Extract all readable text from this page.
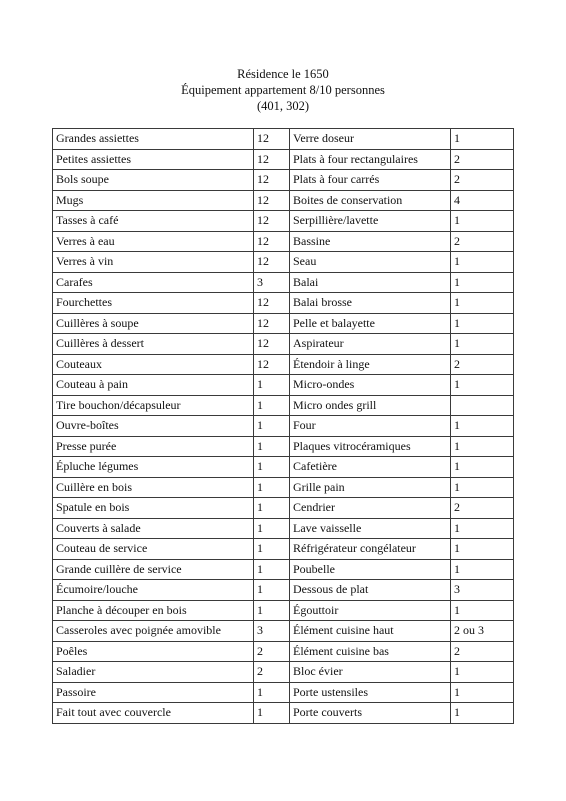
Résidence le 1650
Équipement appartement 8/10 personnes
(401, 302)
Grandes assiettes	12	Verre doseur	1
Petites assiettes	12	Plats à four rectangulaires	2
Bols soupe	12	Plats à four carrés	2
Mugs	12	Boites de conservation	4
Tasses à café	12	Serpillière/lavette	1
Verres à eau	12	Bassine	2
Verres à vin	12	Seau	1
Carafes	3	Balai	1
Fourchettes	12	Balai brosse	1
Cuillères à soupe	12	Pelle et balayette	1
Cuillères à dessert	12	Aspirateur	1
Couteaux	12	Étendoir à linge	2
Couteau à pain	1	Micro-ondes	1
Tire bouchon/décapsuleur	1	Micro ondes grill	
Ouvre-boîtes	1	Four	1
Presse purée	1	Plaques vitrocéramiques	1
Épluche légumes	1	Cafetière	1
Cuillère en bois	1	Grille pain	1
Spatule en bois	1	Cendrier	2
Couverts à salade	1	Lave vaisselle	1
Couteau de service	1	Réfrigérateur congélateur	1
Grande cuillère de service	1	Poubelle	1
Écumoire/louche	1	Dessous de plat	3
Planche à découper en bois	1	Égouttoir	1
Casseroles avec poignée amovible	3	Élément cuisine haut	2 ou 3
Poêles	2	Élément cuisine bas	2
Saladier	2	Bloc évier	1
Passoire	1	Porte ustensiles	1
Fait tout avec couvercle	1	Porte couverts	1
